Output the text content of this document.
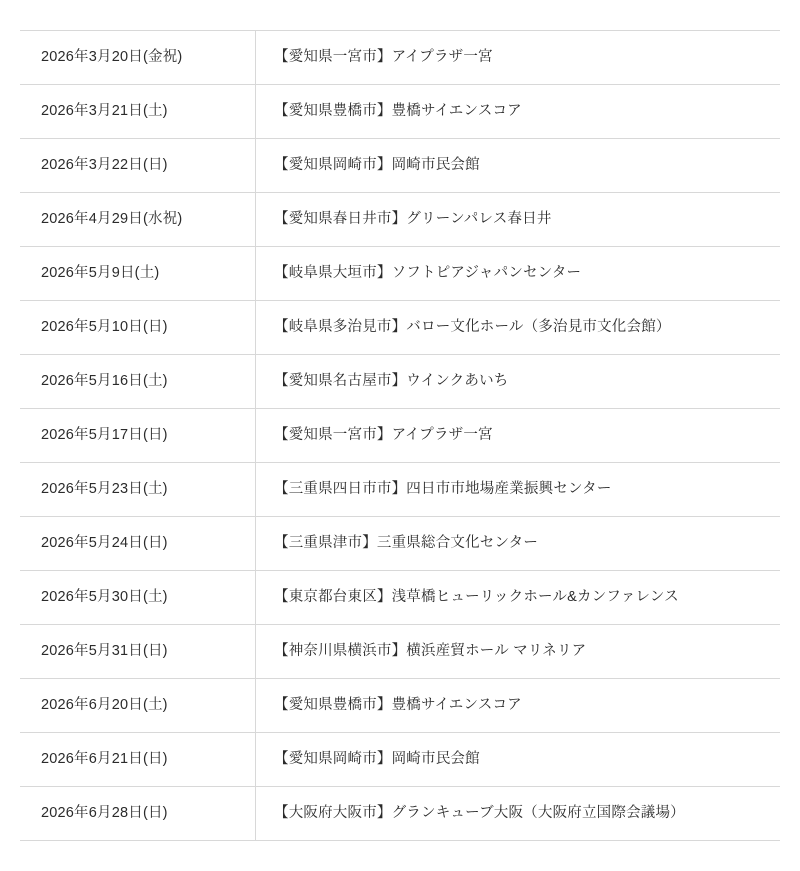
2026年3月20日(金祝)	【愛知県一宮市】アイプラザ一宮
2026年3月21日(土)	【愛知県豊橋市】豊橋サイエンスコア
2026年3月22日(日)	【愛知県岡崎市】岡崎市民会館
2026年4月29日(水祝)	【愛知県春日井市】グリーンパレス春日井
2026年5月9日(土)	【岐阜県大垣市】ソフトピアジャパンセンター
2026年5月10日(日)	【岐阜県多治見市】バロー文化ホール（多治見市文化会館）
2026年5月16日(土)	【愛知県名古屋市】ウインクあいち
2026年5月17日(日)	【愛知県一宮市】アイプラザ一宮
2026年5月23日(土)	【三重県四日市市】四日市市地場産業振興センター
2026年5月24日(日)	【三重県津市】三重県総合文化センター
2026年5月30日(土)	【東京都台東区】浅草橋ヒューリックホール&カンファレンス
2026年5月31日(日)	【神奈川県横浜市】横浜産貿ホール マリネリア
2026年6月20日(土)	【愛知県豊橋市】豊橋サイエンスコア
2026年6月21日(日)	【愛知県岡崎市】岡崎市民会館
2026年6月28日(日)	【大阪府大阪市】グランキューブ大阪（大阪府立国際会議場）
